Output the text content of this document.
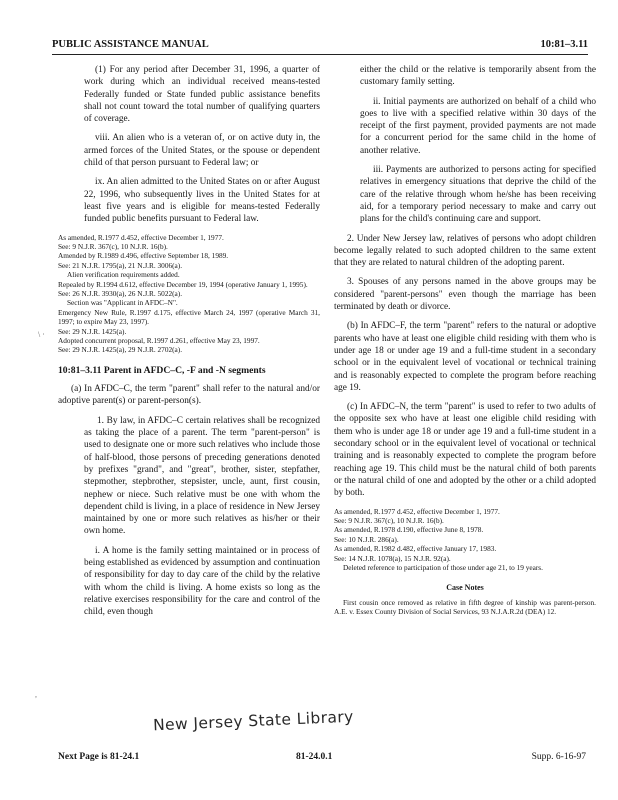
PUBLIC ASSISTANCE MANUAL	10:81–3.11

(1) For any period after December 31, 1996, a quarter of work during which an individual received means-tested Federally funded or State funded public assistance benefits shall not count toward the total number of qualifying quarters of coverage.

viii. An alien who is a veteran of, or on active duty in, the armed forces of the United States, or the spouse or dependent child of that person pursuant to Federal law; or

ix. An alien admitted to the United States on or after August 22, 1996, who subsequently lives in the United States for at least five years and is eligible for means-tested Federally funded public benefits pursuant to Federal law.

As amended, R.1977 d.452, effective December 1, 1977.

See: 9 N.J.R. 367(c), 10 N.J.R. 16(b).

Amended by R.1989 d.496, effective September 18, 1989.

See: 21 N.J.R. 1795(a), 21 N.J.R. 3006(a).

Alien verification requirements added.

Repealed by R.1994 d.612, effective December 19, 1994 (operative January 1, 1995).

See: 26 N.J.R. 3930(a), 26 N.J.R. 5022(a).

Section was "Applicant in AFDC–N".

Emergency New Rule, R.1997 d.175, effective March 24, 1997 (operative March 31, 1997; to expire May 23, 1997).

See: 29 N.J.R. 1425(a).

Adopted concurrent proposal, R.1997 d.261, effective May 23, 1997.

See: 29 N.J.R. 1425(a), 29 N.J.R. 2702(a).

10:81–3.11 Parent in AFDC–C, -F and -N segments

(a) In AFDC–C, the term "parent" shall refer to the natural and/or adoptive parent(s) or parent-person(s).

1. By law, in AFDC–C certain relatives shall be recognized as taking the place of a parent. The term "parent-person" is used to designate one or more such relatives who include those of half-blood, those persons of preceding generations denoted by prefixes "grand", and "great", brother, sister, stepfather, stepmother, stepbrother, stepsister, uncle, aunt, first cousin, nephew or niece. Such relative must be one with whom the dependent child is living, in a place of residence in New Jersey maintained by one or more such relatives as his/her or their own home.

i. A home is the family setting maintained or in process of being established as evidenced by assumption and continuation of responsibility for day to day care of the child by the relative with whom the child is living. A home exists so long as the relative exercises responsibility for the care and control of the child, even though

either the child or the relative is temporarily absent from the customary family setting.

ii. Initial payments are authorized on behalf of a child who goes to live with a specified relative within 30 days of the receipt of the first payment, provided payments are not made for a concurrent period for the same child in the home of another relative.

iii. Payments are authorized to persons acting for specified relatives in emergency situations that deprive the child of the care of the relative through whom he/she has been receiving aid, for a temporary period necessary to make and carry out plans for the child's continuing care and support.

2. Under New Jersey law, relatives of persons who adopt children become legally related to such adopted children to the same extent that they are related to natural children of the adopting parent.

3. Spouses of any persons named in the above groups may be considered "parent-persons" even though the marriage has been terminated by death or divorce.

(b) In AFDC–F, the term "parent" refers to the natural or adoptive parents who have at least one eligible child residing with them who is under age 18 or under age 19 and a full-time student in a secondary school or in the equivalent level of vocational or technical training and is reasonably expected to complete the program before reaching age 19.

(c) In AFDC–N, the term "parent" is used to refer to two adults of the opposite sex who have at least one eligible child residing with them who is under age 18 or under age 19 and a full-time student in a secondary school or in the equivalent level of vocational or technical training and is reasonably expected to complete the program before reaching age 19. This child must be the natural child of both parents or the natural child of one and adopted by the other or a child adopted by both.

As amended, R.1977 d.452, effective December 1, 1977.

See: 9 N.J.R. 367(c), 10 N.J.R. 16(b).

As amended, R.1978 d.190, effective June 8, 1978.

See: 10 N.J.R. 286(a).

As amended, R.1982 d.482, effective January 17, 1983.

See: 14 N.J.R. 1078(a), 15 N.J.R. 92(a).

Deleted reference to participation of those under age 21, to 19 years.

Case Notes

First cousin once removed as relative in fifth degree of kinship was parent-person. A.E. v. Essex County Division of Social Services, 93 N.J.A.R.2d (DEA) 12.

\ ·
,
New Jersey State Library
Next Page is 81-24.1	81-24.0.1	Supp. 6-16-97
